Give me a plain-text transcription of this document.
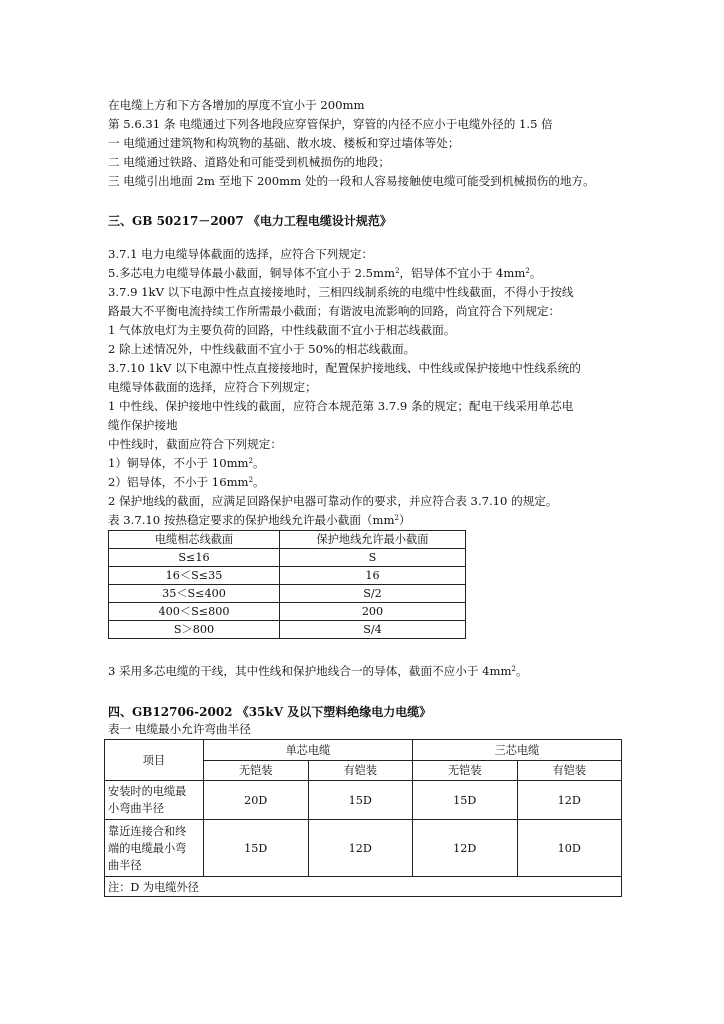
在电缆上方和下方各增加的厚度不宜小于 200mm
第 5.6.31 条 电缆通过下列各地段应穿管保护，穿管的内径不应小于电缆外径的 1.5 倍
一 电缆通过建筑物和构筑物的基础、散水坡、楼板和穿过墙体等处；
二 电缆通过铁路、道路处和可能受到机械损伤的地段；
三 电缆引出地面 2m 至地下 200mm 处的一段和人容易接触使电缆可能受到机械损伤的地方。
三、GB 50217－2007 《电力工程电缆设计规范》
3.7.1 电力电缆导体截面的选择，应符合下列规定：
5.多芯电力电缆导体最小截面，铜导体不宜小于 $2.5mm^2$，铝导体不宜小于 $4mm^2$。
3.7.9 1kV 以下电源中性点直接接地时，三相四线制系统的电缆中性线截面，不得小于按线
路最大不平衡电流持续工作所需最小截面；有谐波电流影响的回路，尚宜符合下列规定：
1 气体放电灯为主要负荷的回路，中性线截面不宜小于相芯线截面。
2 除上述情况外，中性线截面不宜小于 50%的相芯线截面。
3.7.10 1kV 以下电源中性点直接接地时，配置保护接地线、中性线或保护接地中性线系统的
电缆导体截面的选择，应符合下列规定；
1 中性线、保护接地中性线的截面，应符合本规范第 3.7.9 条的规定；配电干线采用单芯电
缆作保护接地
中性线时，截面应符合下列规定：
1）铜导体，不小于 $10mm^2$。
2）铝导体，不小于 $16mm^2$。
2 保护地线的截面，应满足回路保护电器可靠动作的要求，并应符合表 3.7.10 的规定。
表 3.7.10 按热稳定要求的保护地线允许最小截面$(mm^2)$
电缆相芯线截面	保护地线允许最小截面
S≤16	S
16＜S≤35	16
35＜S≤400	S/2
400＜S≤800	200
S＞800	S/4
3 采用多芯电缆的干线，其中性线和保护地线合一的导体，截面不应小于 $4mm^2$。
四、GB12706-2002 《35kV 及以下塑料绝缘电力电缆》
表一 电缆最小允许弯曲半径
项目	单芯电缆		三芯电缆	
	无铠装	有铠装	无铠装	有铠装
安装时的电缆最
小弯曲半径	20D	15D	15D	12D
靠近连接合和终
端的电缆最小弯
曲半径	15D	12D	12D	10D
注：D 为电缆外径				
